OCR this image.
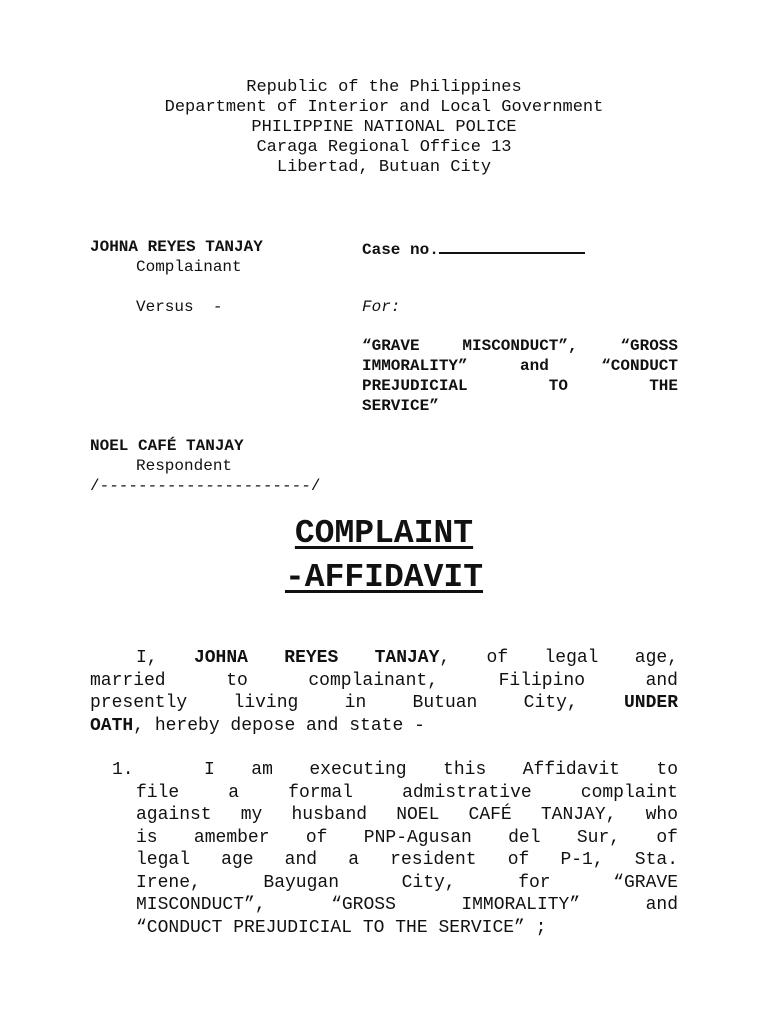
Republic of the Philippines
Department of Interior and Local Government
PHILIPPINE NATIONAL POLICE
Caraga Regional Office 13
Libertad, Butuan City
JOHNA REYES TANJAY
Complainant
Versus  -
NOEL CAFÉ TANJAY
Respondent
/----------------------/
Case no.
For:
“GRAVE MISCONDUCT”, “GROSS
IMMORALITY” and “CONDUCT
PREJUDICIAL TO THE
SERVICE”
COMPLAINT
-AFFIDAVIT
I, JOHNA REYES TANJAY, of legal age,
married to complainant, Filipino and
presently living in Butuan City, UNDER
OATH, hereby depose and state -
1.	I am executing this Affidavit to
file a formal admistrative complaint
against my husband NOEL CAFÉ TANJAY, who
is amember of PNP-Agusan del Sur, of
legal age and a resident of P-1, Sta.
Irene, Bayugan City, for “GRAVE
MISCONDUCT”, “GROSS IMMORALITY” and
“CONDUCT PREJUDICIAL TO THE SERVICE” ;
